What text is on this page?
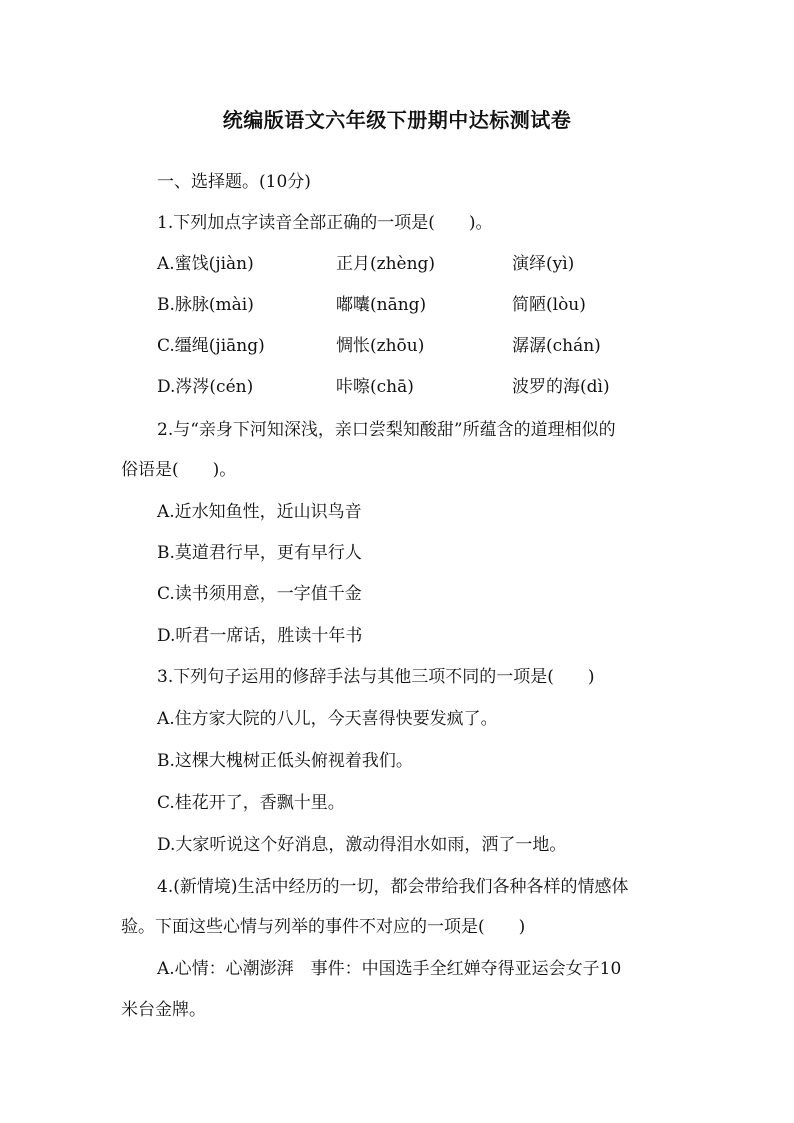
统编版语文六年级下册期中达标测试卷
一、选择题。(10分)
1.下列加点字读音全部正确的一项是(　　)。
A.蜜饯(jiàn)	正月(zhèng)	演绎(yì)
B.脉脉(mài)	嘟囔(nāng)	简陋(lòu)
C.缰绳(jiāng)	惆怅(zhōu)	潺潺(chán)
D.涔涔(cén)	咔嚓(chā)	波罗的海(dì)
2.与“亲身下河知深浅，亲口尝梨知酸甜”所蕴含的道理相似的
俗语是(　　)。
A.近水知鱼性，近山识鸟音
B.莫道君行早，更有早行人
C.读书须用意，一字值千金
D.听君一席话，胜读十年书
3.下列句子运用的修辞手法与其他三项不同的一项是(　　)
A.住方家大院的八儿，今天喜得快要发疯了。
B.这棵大槐树正低头俯视着我们。
C.桂花开了，香飘十里。
D.大家听说这个好消息，激动得泪水如雨，洒了一地。
4.(新情境)生活中经历的一切，都会带给我们各种各样的情感体
验。下面这些心情与列举的事件不对应的一项是(　　)
A.心情：心潮澎湃　事件：中国选手全红婵夺得亚运会女子10
米台金牌。
